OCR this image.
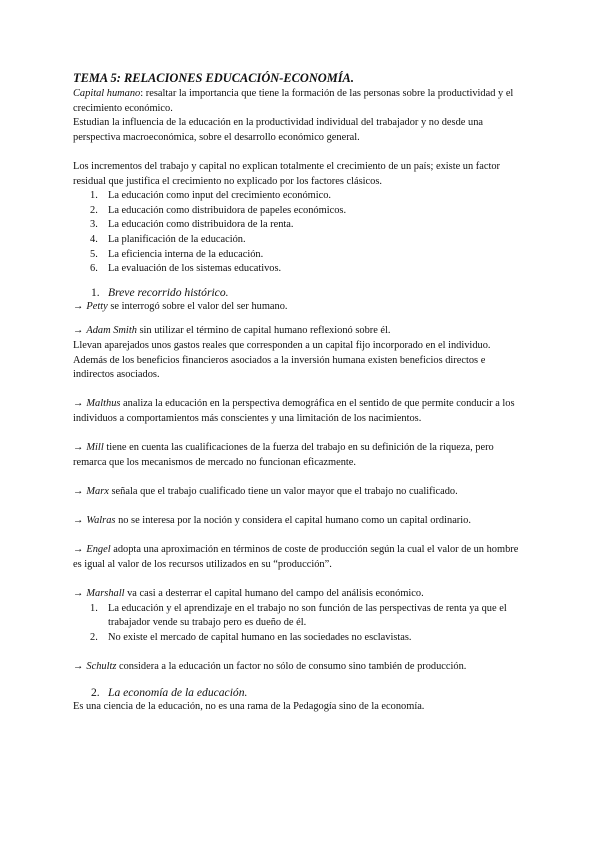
TEMA 5: RELACIONES EDUCACIÓN-ECONOMÍA.

Capital humano: resaltar la importancia que tiene la formación de las personas sobre la productividad y el crecimiento económico.

Estudian la influencia de la educación en la productividad individual del trabajador y no desde una perspectiva macroeconómica, sobre el desarrollo económico general.

Los incrementos del trabajo y capital no explican totalmente el crecimiento de un país; existe un factor residual que justifica el crecimiento no explicado por los factores clásicos.

1. La educación como input del crecimiento económico.
2. La educación como distribuidora de papeles económicos.
3. La educación como distribuidora de la renta.
4. La planificación de la educación.
5. La eficiencia interna de la educación.
6. La evaluación de los sistemas educativos.

1. Breve recorrido histórico.

→ Petty se interrogó sobre el valor del ser humano.

→ Adam Smith sin utilizar el término de capital humano reflexionó sobre él.

Llevan aparejados unos gastos reales que corresponden a un capital fijo incorporado en el individuo.

Además de los beneficios financieros asociados a la inversión humana existen beneficios directos e indirectos asociados.

→ Malthus analiza la educación en la perspectiva demográfica en el sentido de que permite conducir a los individuos a comportamientos más conscientes y una limitación de los nacimientos.

→ Mill tiene en cuenta las cualificaciones de la fuerza del trabajo en su definición de la riqueza, pero remarca que los mecanismos de mercado no funcionan eficazmente.

→ Marx señala que el trabajo cualificado tiene un valor mayor que el trabajo no cualificado.

→ Walras no se interesa por la noción y considera el capital humano como un capital ordinario.

→ Engel adopta una aproximación en términos de coste de producción según la cual el valor de un hombre es igual al valor de los recursos utilizados en su “producción”.

→ Marshall va casi a desterrar el capital humano del campo del análisis económico.

1. La educación y el aprendizaje en el trabajo no son función de las perspectivas de renta ya que el trabajador vende su trabajo pero es dueño de él.
2. No existe el mercado de capital humano en las sociedades no esclavistas.

→ Schultz considera a la educación un factor no sólo de consumo sino también de producción.

2. La economía de la educación.

Es una ciencia de la educación, no es una rama de la Pedagogía sino de la economía.
